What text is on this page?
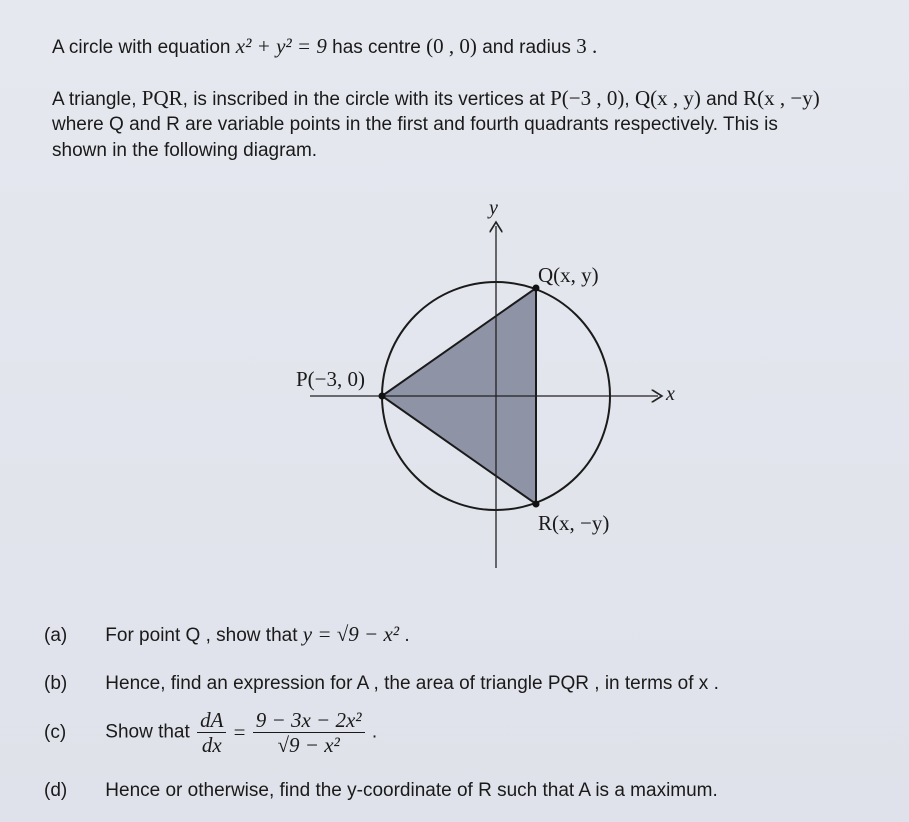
A circle with equation x² + y² = 9 has centre (0 , 0) and radius 3 .
A triangle, PQR, is inscribed in the circle with its vertices at P(−3 , 0), Q(x , y) and R(x , −y)
where Q and R are variable points in the first and fourth quadrants respectively. This is
shown in the following diagram.
y
x
P(−3, 0)
Q(x, y)
R(x, −y)
(a) For point Q , show that y = √9 − x² .
(b) Hence, find an expression for A , the area of triangle PQR , in terms of x .
(c) Show that $\frac{dA}{dx} = \frac{\text{9 − 3x − 2x²}}{\text{√9 − x²}}$ .
(d) Hence or otherwise, find the y-coordinate of R such that A is a maximum.
